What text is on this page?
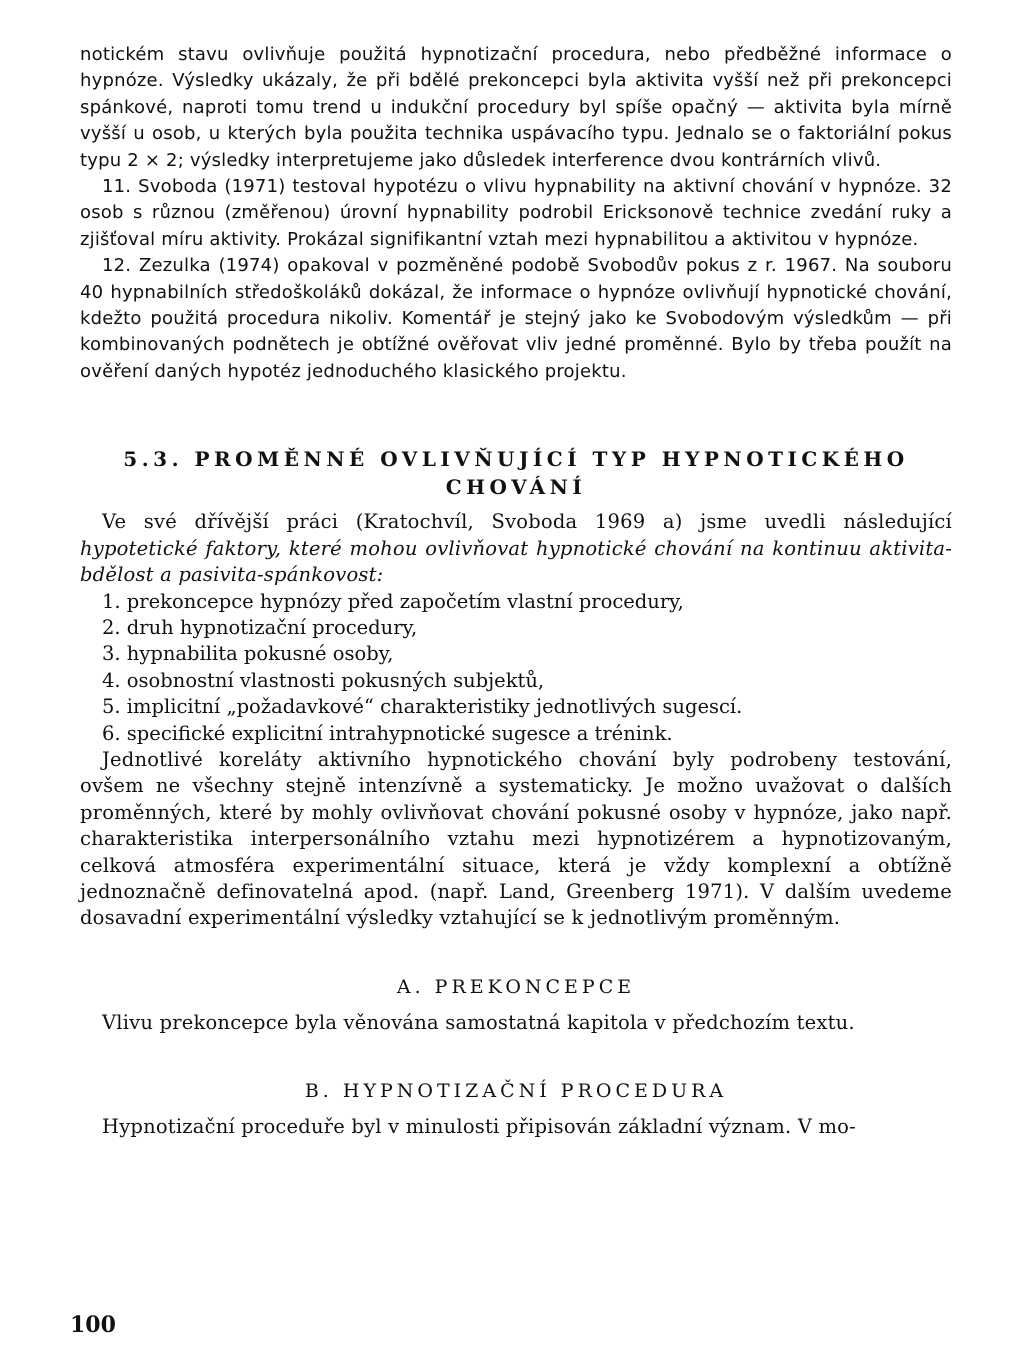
notickém stavu ovlivňuje použitá hypnotizační procedura, nebo předběžné informace o hypnóze. Výsledky ukázaly, že při bdělé prekoncepci byla aktivita vyšší než při prekoncepci spánkové, naproti tomu trend u indukční procedury byl spíše opačný — aktivita byla mírně vyšší u osob, u kterých byla použita technika uspávacího typu. Jednalo se o faktoriální pokus typu 2 × 2; výsledky interpretujeme jako důsledek interference dvou kontrárních vlivů.

11. Svoboda (1971) testoval hypotézu o vlivu hypnability na aktivní chování v hypnóze. 32 osob s různou (změřenou) úrovní hypnability podrobil Ericksonově technice zvedání ruky a zjišťoval míru aktivity. Prokázal signifikantní vztah mezi hypnabilitou a aktivitou v hypnóze.

12. Zezulka (1974) opakoval v pozměněné podobě Svobodův pokus z r. 1967. Na souboru 40 hypnabilních středoškoláků dokázal, že informace o hypnóze ovlivňují hypnotické chování, kdežto použitá procedura nikoliv. Komentář je stejný jako ke Svobodovým výsledkům — při kombinovaných podnětech je obtížné ověřovat vliv jedné proměnné. Bylo by třeba použít na ověření daných hypotéz jednoduchého klasického projektu.

5.3. PROMĚNNÉ OVLIVŇUJÍCÍ TYP HYPNOTICKÉHO
CHOVÁNÍ

Ve své dřívější práci (Kratochvíl, Svoboda 1969 a) jsme uvedli následující hypotetické faktory, které mohou ovlivňovat hypnotické chování na kontinuu aktivita-bdělost a pasivita-spánkovost:

1. prekoncepce hypnózy před započetím vlastní procedury,
2. druh hypnotizační procedury,
3. hypnabilita pokusné osoby,
4. osobnostní vlastnosti pokusných subjektů,
5. implicitní „požadavkové“ charakteristiky jednotlivých sugescí.
6. specifické explicitní intrahypnotické sugesce a trénink.

Jednotlivé koreláty aktivního hypnotického chování byly podrobeny testování, ovšem ne všechny stejně intenzívně a systematicky. Je možno uvažovat o dalších proměnných, které by mohly ovlivňovat chování pokusné osoby v hypnóze, jako např. charakteristika interpersonálního vztahu mezi hypnotizérem a hypnotizovaným, celková atmosféra experimentální situace, která je vždy komplexní a obtížně jednoznačně definovatelná apod. (např. Land, Greenberg 1971). V dalším uvedeme dosavadní experimentální výsledky vztahující se k jednotlivým proměnným.

A. PREKONCEPCE

Vlivu prekoncepce byla věnována samostatná kapitola v předchozím textu.

B. HYPNOTIZAČNÍ PROCEDURA

Hypnotizační proceduře byl v minulosti připisován základní význam. V mo-

100
